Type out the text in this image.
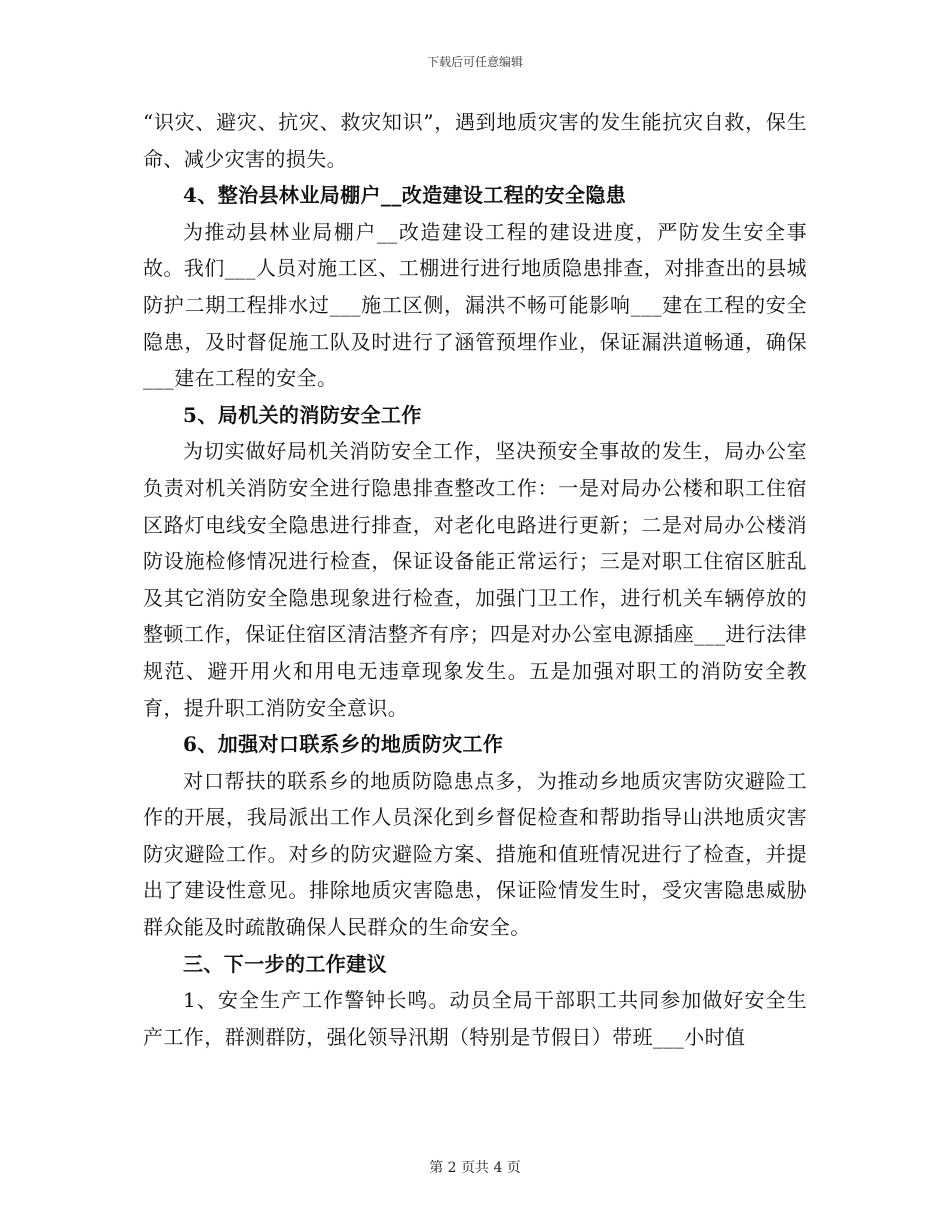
下载后可任意编辑

“识灾、避灾、抗灾、救灾知识”，遇到地质灾害的发生能抗灾自救，保生命、减少灾害的损失。

4、整治县林业局棚户__改造建设工程的安全隐患

为推动县林业局棚户__改造建设工程的建设进度，严防发生安全事故。我们___人员对施工区、工棚进行进行地质隐患排查，对排查出的县城防护二期工程排水过___施工区侧，漏洪不畅可能影响___建在工程的安全隐患，及时督促施工队及时进行了涵管预埋作业，保证漏洪道畅通，确保___建在工程的安全。

5、局机关的消防安全工作

为切实做好局机关消防安全工作，坚决预安全事故的发生，局办公室负责对机关消防安全进行隐患排查整改工作：一是对局办公楼和职工住宿区路灯电线安全隐患进行排查，对老化电路进行更新；二是对局办公楼消防设施检修情况进行检查，保证设备能正常运行；三是对职工住宿区脏乱及其它消防安全隐患现象进行检查，加强门卫工作，进行机关车辆停放的整顿工作，保证住宿区清洁整齐有序；四是对办公室电源插座___进行法律规范、避开用火和用电无违章现象发生。五是加强对职工的消防安全教育，提升职工消防安全意识。

6、加强对口联系乡的地质防灾工作

对口帮扶的联系乡的地质防隐患点多，为推动乡地质灾害防灾避险工作的开展，我局派出工作人员深化到乡督促检查和帮助指导山洪地质灾害防灾避险工作。对乡的防灾避险方案、措施和值班情况进行了检查，并提出了建设性意见。排除地质灾害隐患，保证险情发生时，受灾害隐患威胁群众能及时疏散确保人民群众的生命安全。

三、下一步的工作建议

1、安全生产工作警钟长鸣。动员全局干部职工共同参加做好安全生产工作，群测群防，强化领导汛期（特别是节假日）带班___小时值

第 2 页共 4 页
